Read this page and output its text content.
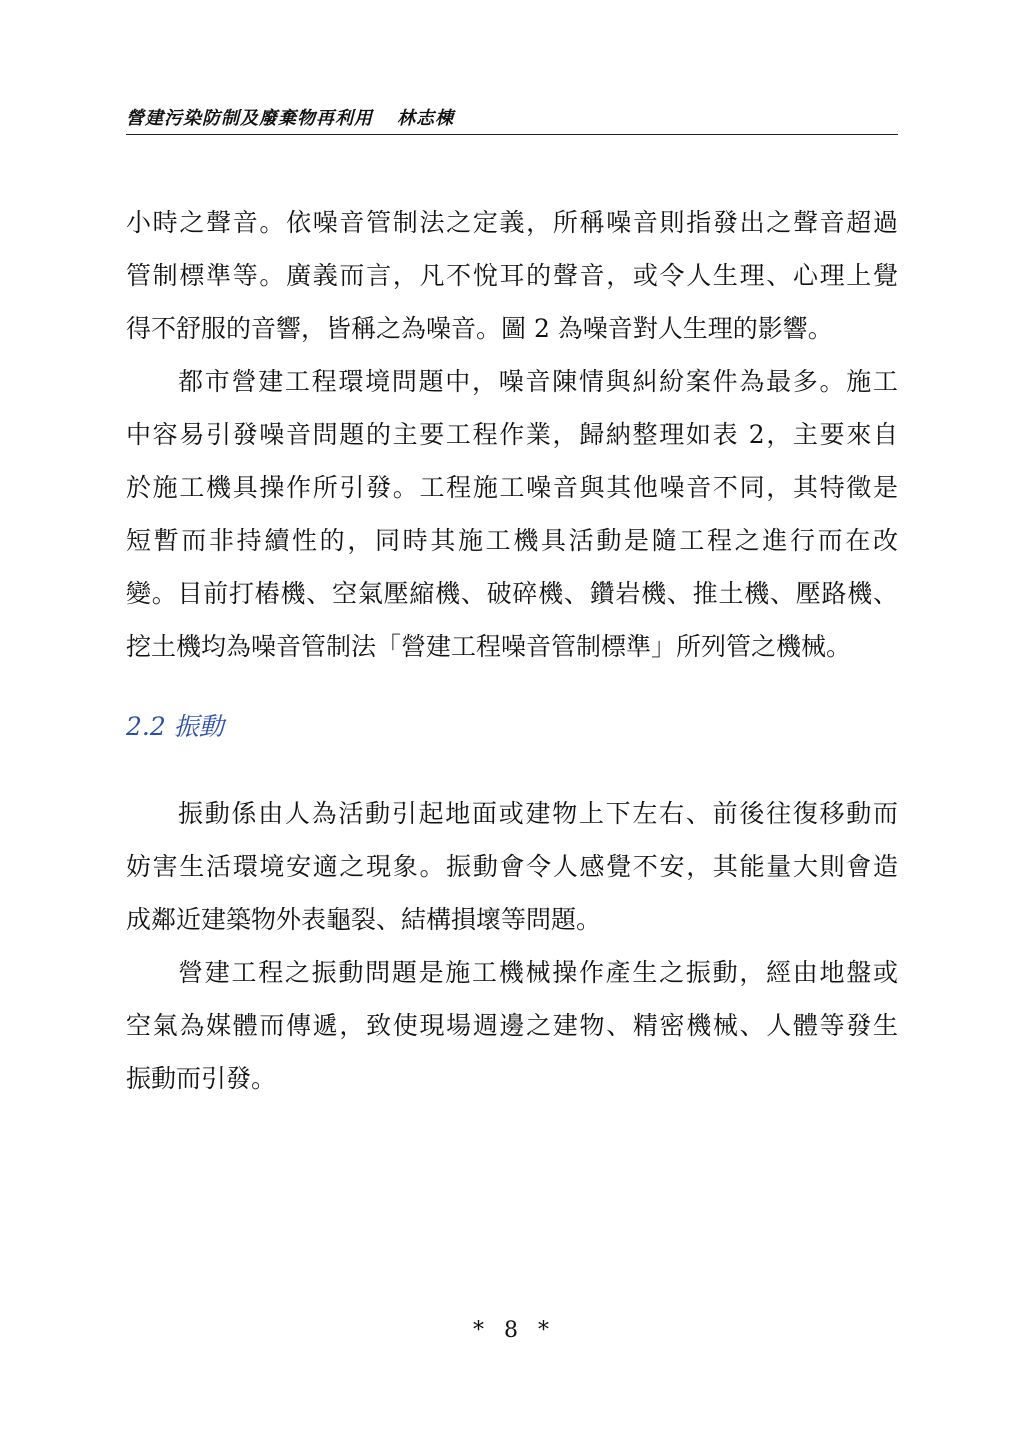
營建污染防制及廢棄物再利用 林志棟
小時之聲音。依噪音管制法之定義，所稱噪音則指發出之聲音超過
管制標準等。廣義而言，凡不悅耳的聲音，或令人生理、心理上覺
得不舒服的音響，皆稱之為噪音。圖 2 為噪音對人生理的影響。
都市營建工程環境問題中，噪音陳情與糾紛案件為最多。施工
中容易引發噪音問題的主要工程作業，歸納整理如表 2，主要來自
於施工機具操作所引發。工程施工噪音與其他噪音不同，其特徵是
短暫而非持續性的，同時其施工機具活動是隨工程之進行而在改
變。目前打樁機、空氣壓縮機、破碎機、鑽岩機、推土機、壓路機、
挖土機均為噪音管制法「營建工程噪音管制標準」所列管之機械。
2.2 振動
振動係由人為活動引起地面或建物上下左右、前後往復移動而
妨害生活環境安適之現象。振動會令人感覺不安，其能量大則會造
成鄰近建築物外表龜裂、結構損壞等問題。
營建工程之振動問題是施工機械操作產生之振動，經由地盤或
空氣為媒體而傳遞，致使現場週邊之建物、精密機械、人體等發生
振動而引發。
*  8  *
